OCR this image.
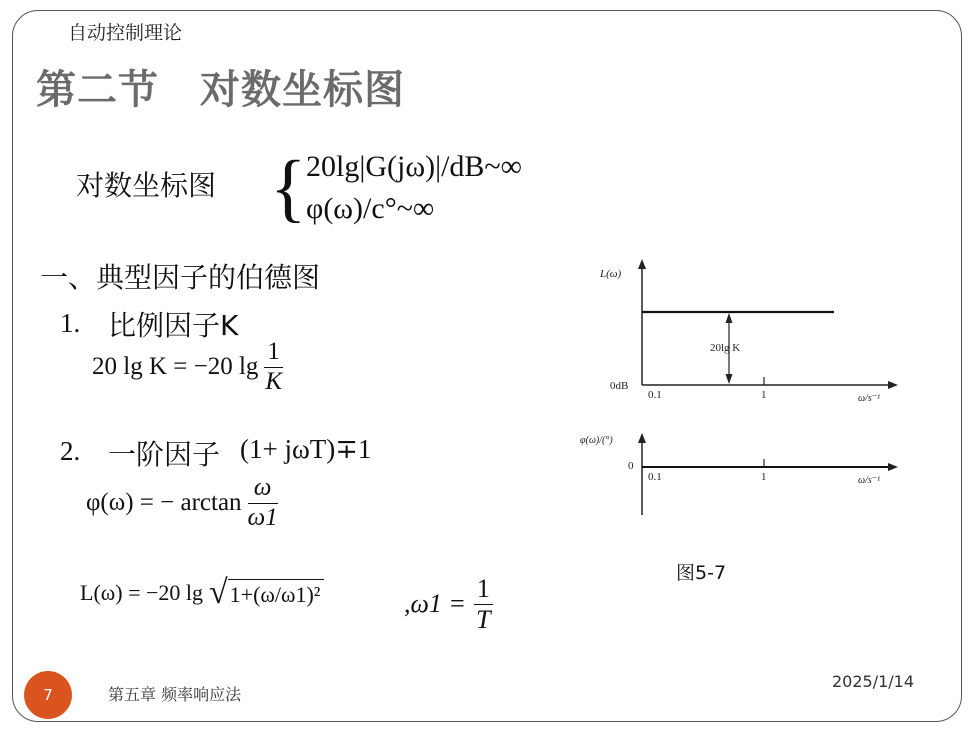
自动控制理论
第二节　对数坐标图
对数坐标图 { 20lg|G(jω)|/dB~∞
φ(ω)/c°~∞
一、典型因子的伯德图
1. 比例因子K
20 lg K = −20 $\lg \frac{1}{K}$
2. 一阶因子 (1+ jωT)∓1
φ(ω) = − $\arctan \frac{\omega}{\omega 1}$
L(ω) = −20 lg √ 1+(ω/ω1)²	$,\omega 1 = \frac{1}{T}$
L(ω)
0dB
20lg K
0.1	1	ω/s⁻¹
φ(ω)/(°)
0
0.1	1	ω/s⁻¹
图5-7
7	第五章 频率响应法
2025/1/14
